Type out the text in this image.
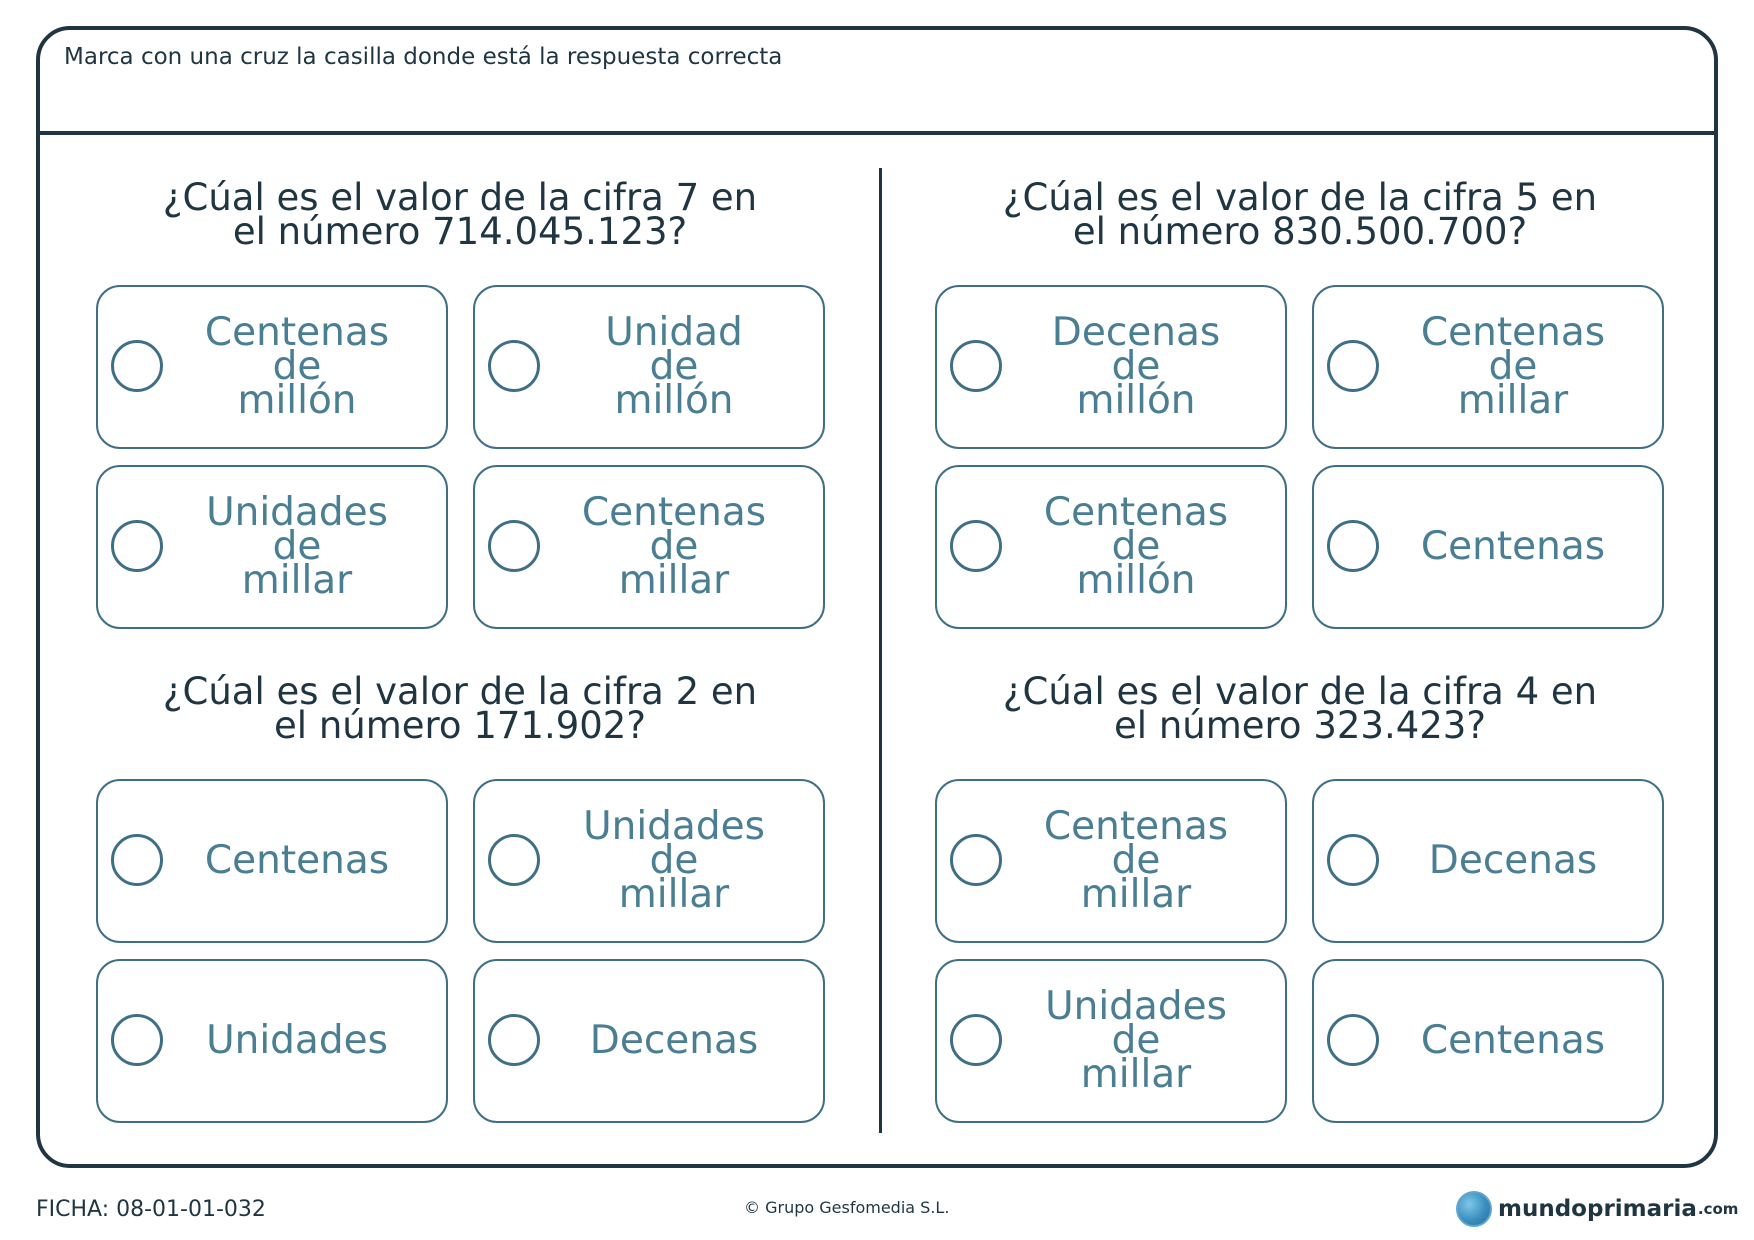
Marca con una cruz la casilla donde está la respuesta correcta
¿Cúal es el valor de la cifra 7 en
el número 714.045.123?
Centenas
de
millón
Unidad
de
millón
Unidades
de
millar
Centenas
de
millar
¿Cúal es el valor de la cifra 5 en
el número 830.500.700?
Decenas
de
millón
Centenas
de
millar
Centenas
de
millón
Centenas
¿Cúal es el valor de la cifra 2 en
el número 171.902?
Centenas
Unidades
de
millar
Unidades	Decenas
¿Cúal es el valor de la cifra 4 en
el número 323.423?
Centenas
de
millar
Decenas
Unidades
de
millar
Centenas
FICHA: 08-01-01-032	© Grupo Gesfomedia S.L.	mundoprimaria .com
